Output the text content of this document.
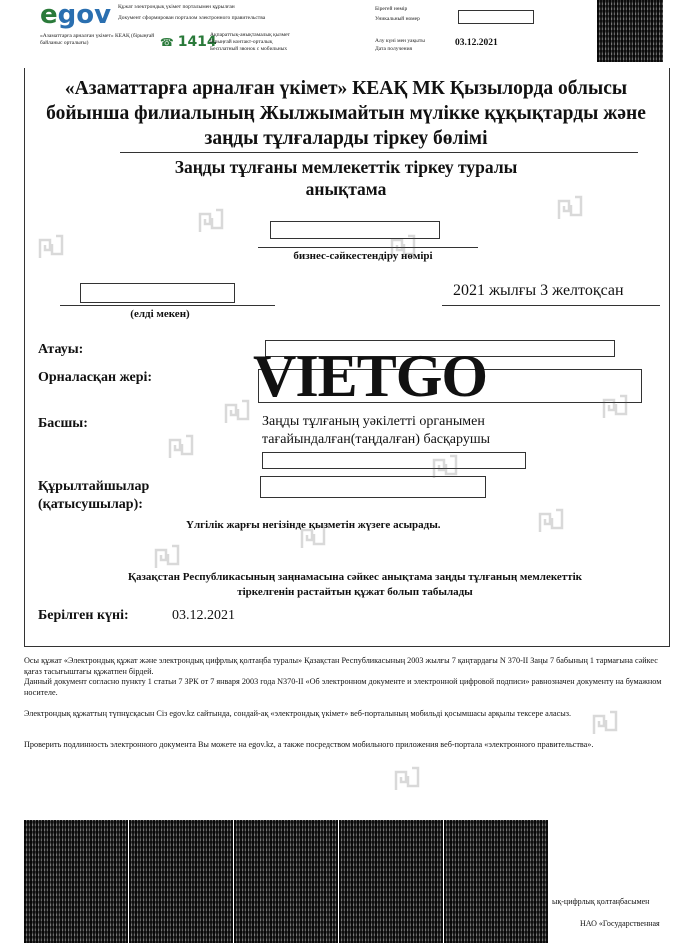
egov Құжат электрондық үкімет порталымен құрылған
Документ сформирован порталом электронного правительства
«Азаматтарға арналған үкімет» КЕАҚ (бірыңғай байланыс орталығы)	☎ 1414
Ақпараттық-анықтамалық қызмет
Бірыңғай контакт-орталық
Бесплатный звонок с мобильных
Бірегей нөмір
Уникальный номер
Алу күні мен уақыты
Дата получения
03.12.2021
«Азаматтарға арналған үкімет» КЕАҚ МК Қызылорда облысы бойынша филиалының Жылжымайтын мүлікке құқықтарды және заңды тұлғаларды тіркеу бөлімі
Заңды тұлғаны мемлекеттік тіркеу туралы
анықтама
бизнес-сәйкестендіру нөмірі
(елді мекен)
2021 жылғы 3 желтоқсан
Атауы:
Орналасқан жері: VIETGO
Басшы:	Заңды тұлғаның уәкілетті органымен
тағайындалған(таңдалған) басқарушы
Құрылтайшылар
(қатысушылар):
Үлгілік жарғы негізінде қызметін жүзеге асырады.
Қазақстан Республикасының заңнамасына сәйкес анықтама заңды тұлғаның мемлекеттік
тіркелгенін растайтын құжат болып табылады
Берілген күні:	03.12.2021
Осы құжат «Электрондық құжат және электрондық цифрлық қолтаңба туралы» Қазақстан Республикасының 2003 жылғы 7 қаңтардағы N 370-II Заңы 7 бабының 1 тармағына сәйкес қағаз тасығыштағы құжатпен бірдей.
Данный документ согласно пункту 1 статьи 7 ЗРК от 7 января 2003 года N370-II «Об электронном документе и электронной цифровой подписи» равнозначен документу на бумажном носителе.
Электрондық құжаттың түпнұсқасын Сіз egov.kz сайтында, сондай-ақ «электрондық үкімет» веб-порталының мобильді қосымшасы арқылы тексере аласыз.
Проверить подлинность электронного документа Вы можете на egov.kz, а также посредством мобильного приложения веб-портала «электронного правительства».
ық-цифрлық қолтаңбасымен
НАО «Государственная
